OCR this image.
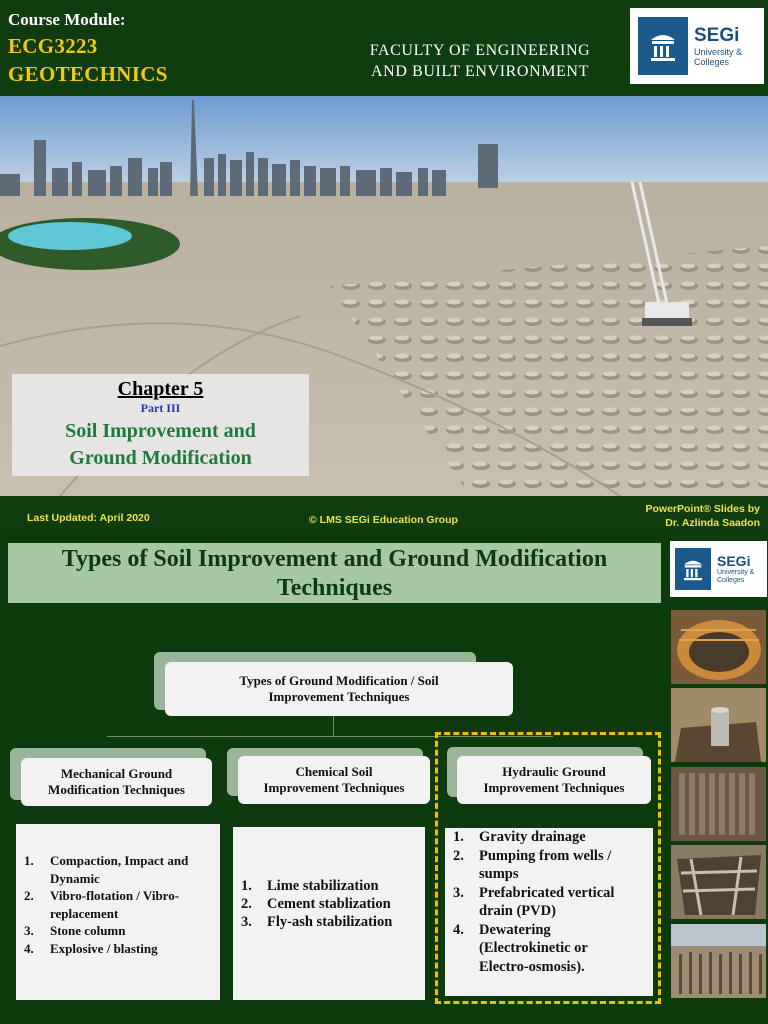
Course Module:
ECG3223
GEOTECHNICS
FACULTY OF ENGINEERING
AND BUILT ENVIRONMENT
SEGi
University &
Colleges
Chapter 5
Part III
Soil Improvement and
Ground Modification
Last Updated: April 2020	© LMS SEGi Education Group
PowerPoint® Slides by
Dr. Azlinda Saadon
Types of Soil Improvement and Ground Modification
Techniques
SEGi
University &
Colleges
Types of Ground Modification / Soil
Improvement Techniques
Mechanical Ground
Modification Techniques
Chemical Soil
Improvement Techniques
Hydraulic Ground
Improvement Techniques
1.	Compaction, Impact and
Dynamic
2.	Vibro-flotation / Vibro-
replacement
3.	Stone column
4.	Explosive / blasting
1.	Lime stabilization
2.	Cement stablization
3.	Fly-ash stabilization
1.	Gravity drainage
2.	Pumping from wells /
sumps
3.	Prefabricated vertical
drain (PVD)
4.	Dewatering
(Electrokinetic or
Electro-osmosis).
